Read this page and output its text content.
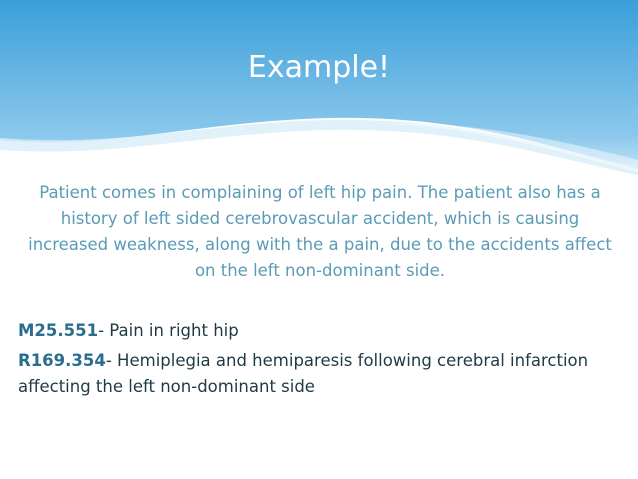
Example!

Patient comes in complaining of left hip pain. The patient also has a history of left sided cerebrovascular accident, which is causing increased weakness, along with the a pain, due to the accidents affect on the left non-dominant side.

M25.551- Pain in right hip
R169.354- Hemiplegia and hemiparesis following cerebral infarction affecting the left non-dominant side
